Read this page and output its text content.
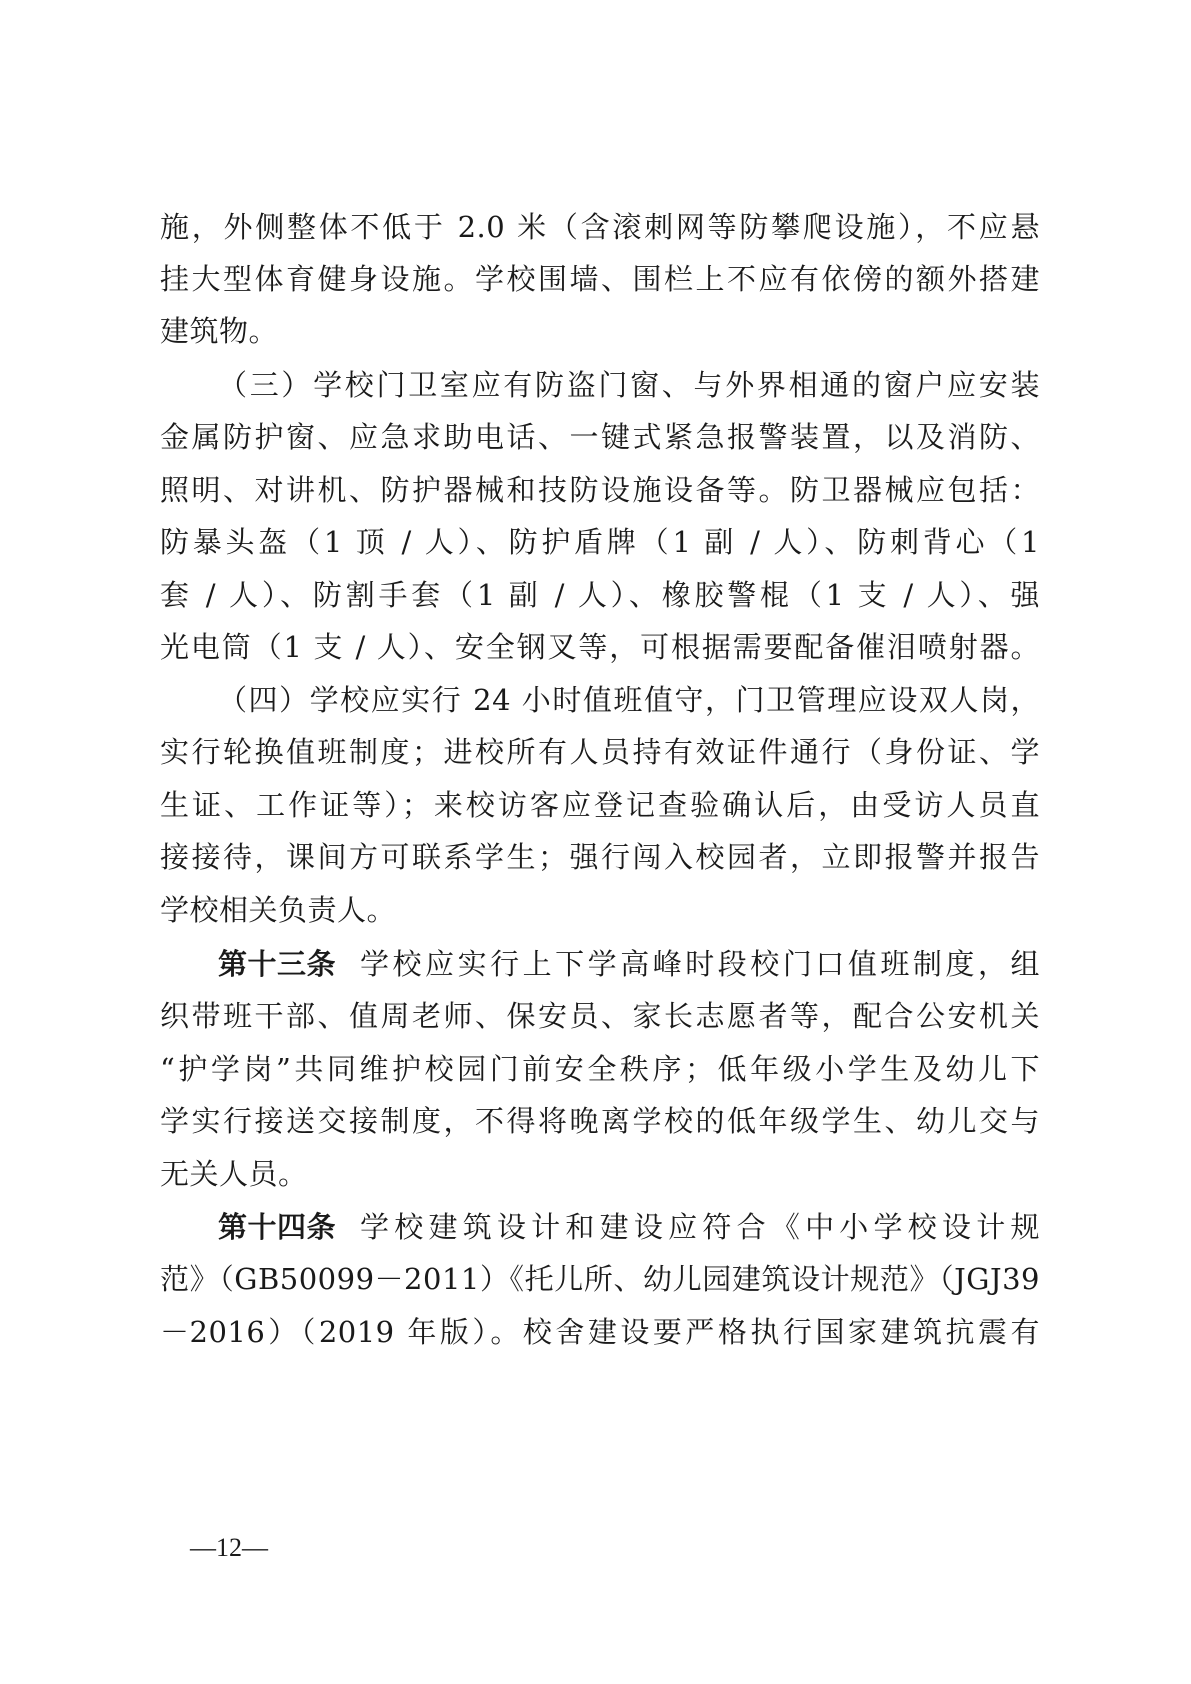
施，外侧整体不低于 2.0 米（含滚刺网等防攀爬设施），不应悬
挂大型体育健身设施。学校围墙、围栏上不应有依傍的额外搭建
建筑物。
（三）学校门卫室应有防盗门窗、与外界相通的窗户应安装
金属防护窗、应急求助电话、一键式紧急报警装置，以及消防、
照明、对讲机、防护器械和技防设施设备等。防卫器械应包括：
防暴头盔（1 顶 / 人）、防护盾牌（1 副 / 人）、防刺背心（1
套 / 人）、防割手套（1 副 / 人）、橡胶警棍（1 支 / 人）、强
光电筒（1 支 / 人）、安全钢叉等，可根据需要配备催泪喷射器。
（四）学校应实行 24 小时值班值守，门卫管理应设双人岗，
实行轮换值班制度；进校所有人员持有效证件通行（身份证、学
生证、工作证等）；来校访客应登记查验确认后，由受访人员直
接接待，课间方可联系学生；强行闯入校园者，立即报警并报告
学校相关负责人。
第十三条 学校应实行上下学高峰时段校门口值班制度，组
织带班干部、值周老师、保安员、家长志愿者等，配合公安机关
“护学岗”共同维护校园门前安全秩序；低年级小学生及幼儿下
学实行接送交接制度，不得将晚离学校的低年级学生、幼儿交与
无关人员。
第十四条 学校建筑设计和建设应符合《中小学校设计规
范》（GB50099－2011）《托儿所、幼儿园建筑设计规范》（JGJ39
－2016）（2019 年版）。校舍建设要严格执行国家建筑抗震有
—12—
